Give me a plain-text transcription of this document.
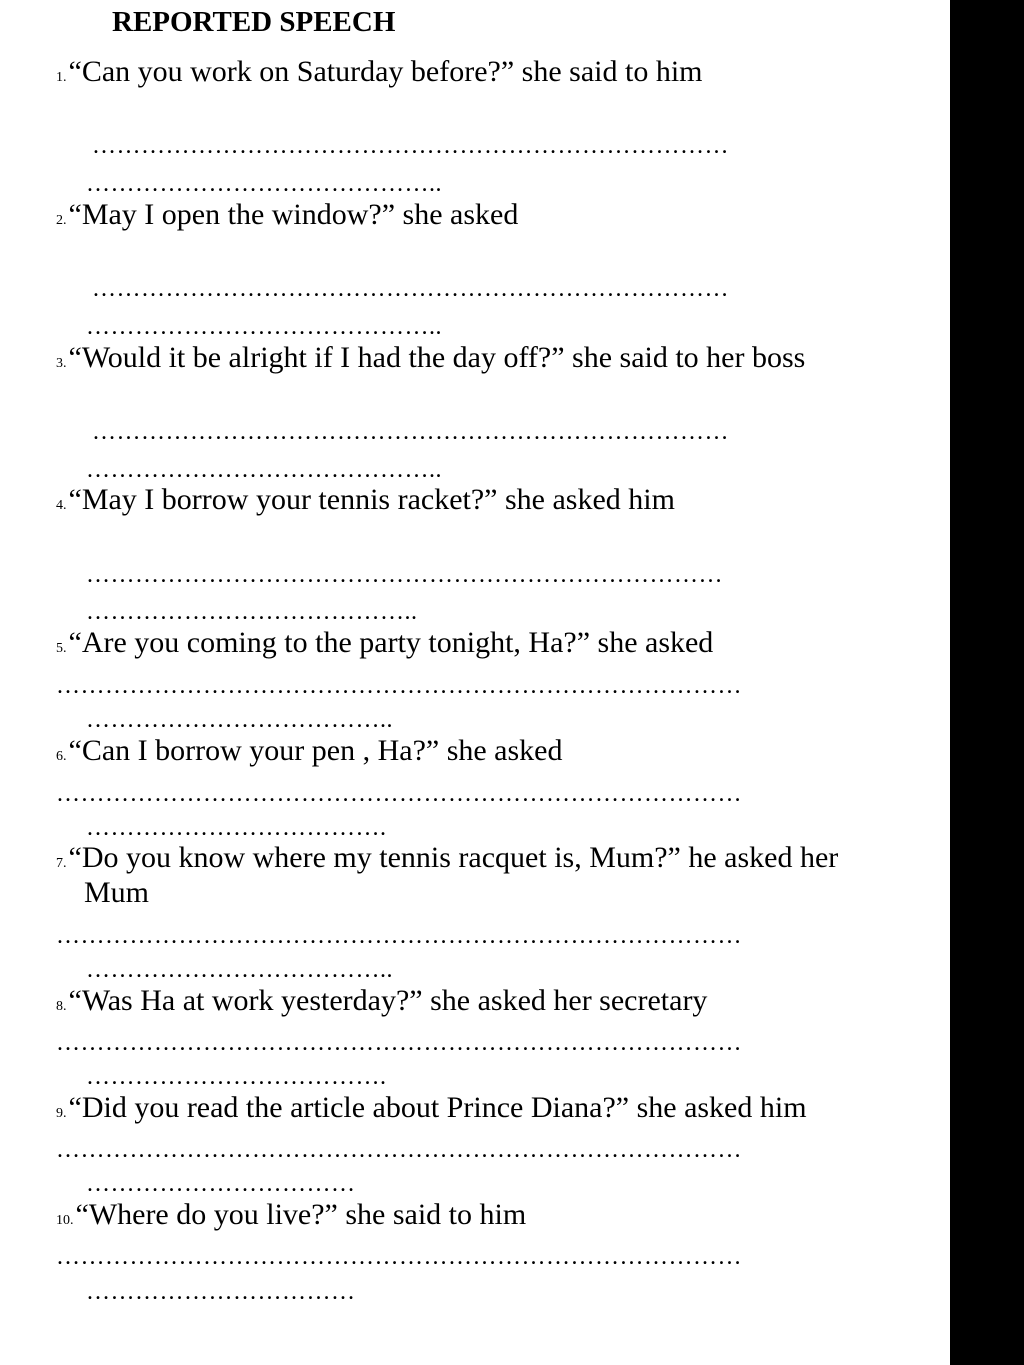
REPORTED SPEECH
1.“Can you work on Saturday before?” she said to him
……………………………………………………………………
……………………………………..
2.“May I open the window?” she asked
……………………………………………………………………
……………………………………..
3.“Would it be alright if I had the day off?” she said to her boss
……………………………………………………………………
……………………………………..
4.“May I borrow your tennis racket?” she asked him
……………………………………………………………………
…………………………………..
5.“Are you coming to the party tonight, Ha?” she asked
…………………………………………………………………………
………………………………..
6.“Can I borrow your pen , Ha?” she asked
…………………………………………………………………………
……………………………….
7.“Do you know where my tennis racquet is, Mum?” he asked her
Mum
…………………………………………………………………………
………………………………..
8.“Was Ha at work yesterday?” she asked her secretary
…………………………………………………………………………
……………………………….
9.“Did you read the article about Prince Diana?” she asked him
…………………………………………………………………………
……………………………
10.“Where do you live?” she said to him
…………………………………………………………………………
……………………………
